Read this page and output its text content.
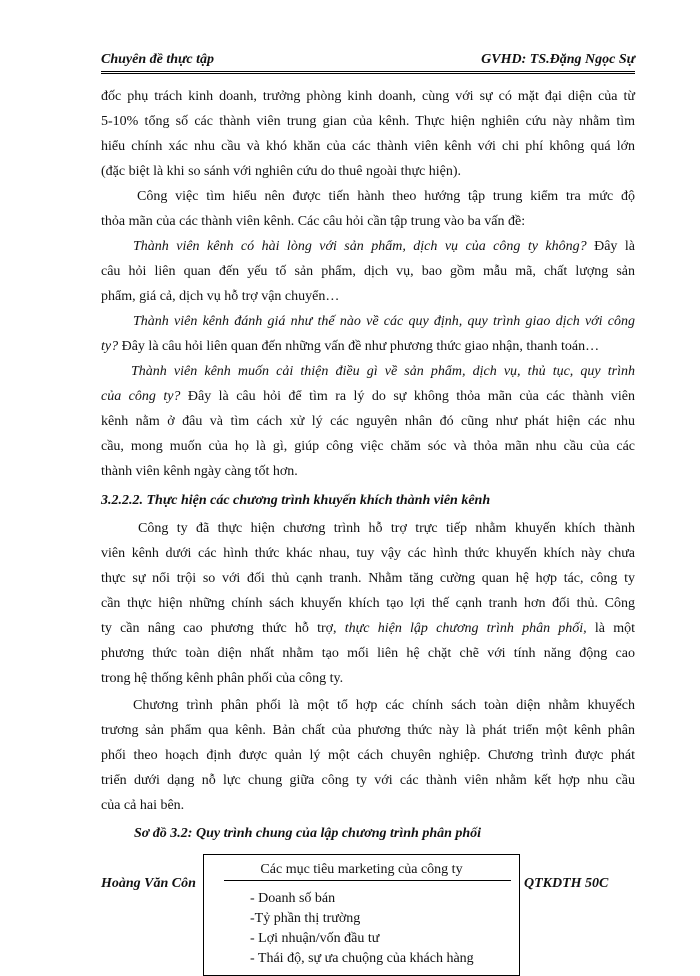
Chuyên đề thực tập	GVHD: TS.Đặng Ngọc Sự
đốc phụ trách kinh doanh, trưởng phòng kinh doanh, cùng với sự có mặt đại diện của từ
5-10% tổng số các thành viên trung gian của kênh. Thực hiện nghiên cứu này nhằm tìm
hiểu chính xác nhu cầu và khó khăn của các thành viên kênh với chi phí không quá lớn
(đặc biệt là khi so sánh với nghiên cứu do thuê ngoài thực hiện).
Công việc tìm hiểu nên được tiến hành theo hướng tập trung kiểm tra mức độ
thỏa mãn của các thành viên kênh. Các câu hỏi cần tập trung vào ba vấn đề:
Thành viên kênh có hài lòng với sản phẩm, dịch vụ của công ty không? Đây là
câu hỏi liên quan đến yếu tố sản phẩm, dịch vụ, bao gồm mẫu mã, chất lượng sản
phẩm, giá cả, dịch vụ hỗ trợ vận chuyển…
Thành viên kênh đánh giá như thế nào về các quy định, quy trình giao dịch với công
ty? Đây là câu hỏi liên quan đến những vấn đề như phương thức giao nhận, thanh toán…
Thành viên kênh muốn cải thiện điều gì về sản phẩm, dịch vụ, thủ tục, quy trình
của công ty? Đây là câu hỏi để tìm ra lý do sự không thỏa mãn của các thành viên
kênh nằm ở đâu và tìm cách xử lý các nguyên nhân đó cũng như phát hiện các nhu
cầu, mong muốn của họ là gì, giúp công việc chăm sóc và thỏa mãn nhu cầu của các
thành viên kênh ngày càng tốt hơn.
3.2.2.2. Thực hiện các chương trình khuyến khích thành viên kênh
Công ty đã thực hiện chương trình hỗ trợ trực tiếp nhằm khuyến khích thành
viên kênh dưới các hình thức khác nhau, tuy vậy các hình thức khuyến khích này chưa
thực sự nổi trội so với đối thủ cạnh tranh. Nhằm tăng cường quan hệ hợp tác, công ty
cần thực hiện những chính sách khuyến khích tạo lợi thế cạnh tranh hơn đối thủ. Công
ty cần nâng cao phương thức hỗ trợ, thực hiện lập chương trình phân phối, là một
phương thức toàn diện nhất nhằm tạo mối liên hệ chặt chẽ với tính năng động cao
trong hệ thống kênh phân phối của công ty.
Chương trình phân phối là một tổ hợp các chính sách toàn diện nhằm khuyếch
trương sản phẩm qua kênh. Bản chất của phương thức này là phát triển một kênh phân
phối theo hoạch định được quản lý một cách chuyên nghiệp. Chương trình được phát
triển dưới dạng nỗ lực chung giữa công ty với các thành viên nhằm kết hợp nhu cầu
của cả hai bên.
Sơ đồ 3.2: Quy trình chung của lập chương trình phân phối
Hoàng Văn Côn	QTKDTH 50C
Các mục tiêu marketing của công ty
- Doanh số bán
-Tỷ phần thị trường
- Lợi nhuận/vốn đầu tư
- Thái độ, sự ưa chuộng của khách hàng
